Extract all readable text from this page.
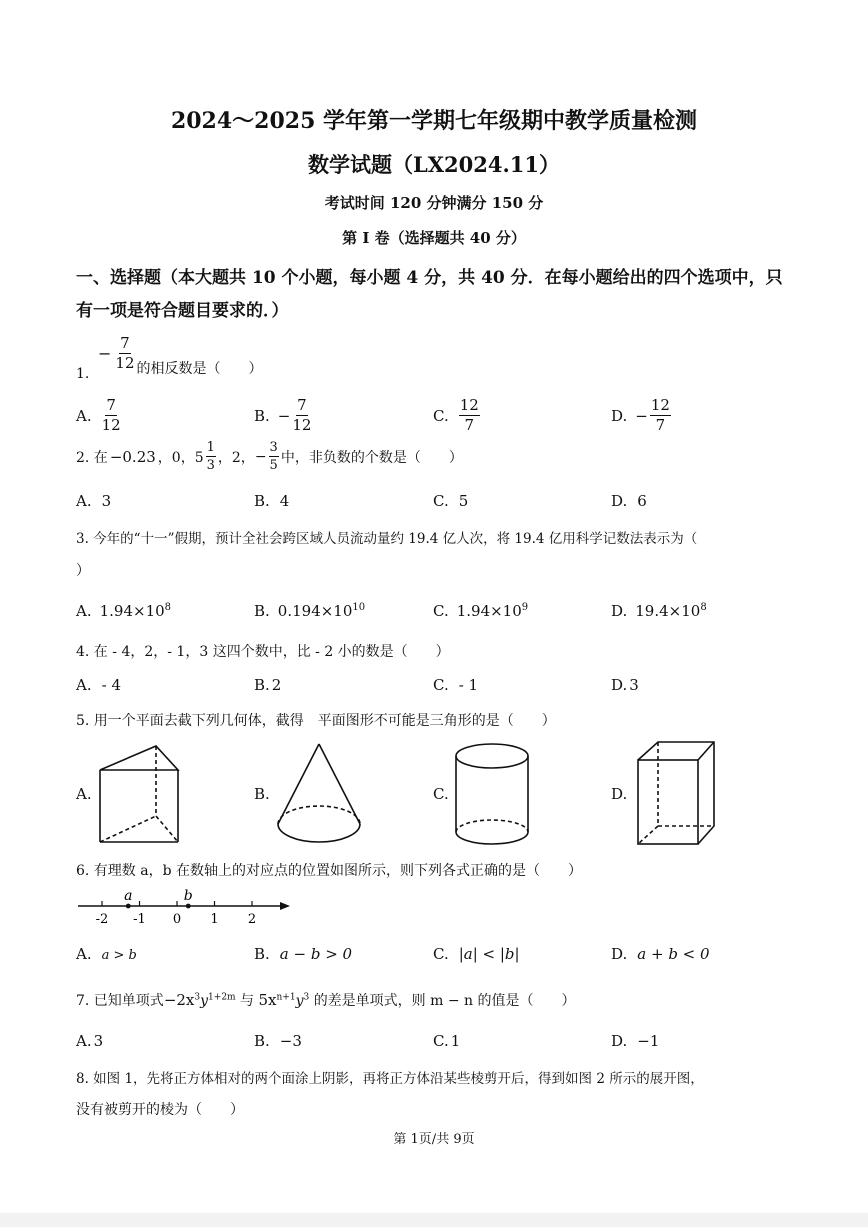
2024～2025 学年第一学期七年级期中教学质量检测
数学试题（LX2024.11）
考试时间 120 分钟满分 150 分
第 I 卷（选择题共 40 分）
一、选择题（本大题共 10 个小题，每小题 4 分，共 40 分．在每小题给出的四个选项中，只
有一项是符合题目要求的．）
1.
− $\frac{7}{12}$ 的相反数是（　　）
A. $\frac{7}{12}$	B. − $\frac{7}{12}$	C. $\frac{12}{7}$	D. − $\frac{12}{7}$
2. 在 −0.23 ，0，$5 \frac{1}{3}$ ，2， − $\frac{3}{5}$ 中，非负数的个数是（　　）
A. 3	B. 4	C. 5	D. 6
3. 今年的“十一”假期，预计全社会跨区域人员流动量约 19.4 亿人次，将 19.4 亿用科学记数法表示为（
）
A. $1.94\times 10^8$	B. $0.194\times 10^{10}$	C. $1.94\times 10^9$	D. $19.4\times 10^8$
4. 在 - 4，2，- 1，3 这四个数中，比 - 2 小的数是（　　）
A. - 4	B. 2	C. - 1	D. 3
5. 用一个平面去截下列几何体，截得　平面图形不可能是三角形的是（　　）
A.	B.	C.	D.
6. 有理数 a，b 在数轴上的对应点的位置如图所示，则下列各式正确的是（　　）
-2 -1 0 1 2
a	b
A. a > b	B. a − b > 0	C. |a| < |b|	D. a + b < 0
7. 已知单项式$-2x^3y^{1+2m}$ 与 $5x^{n+1}y^3$ 的差是单项式，则 m − n 的值是（　　）
A. 3	B. −3	C. 1	D. −1
8. 如图 1，先将正方体相对的两个面涂上阴影，再将正方体沿某些棱剪开后，得到如图 2 所示的展开图，
没有被剪开的棱为（　　）
第 1页/共 9页
